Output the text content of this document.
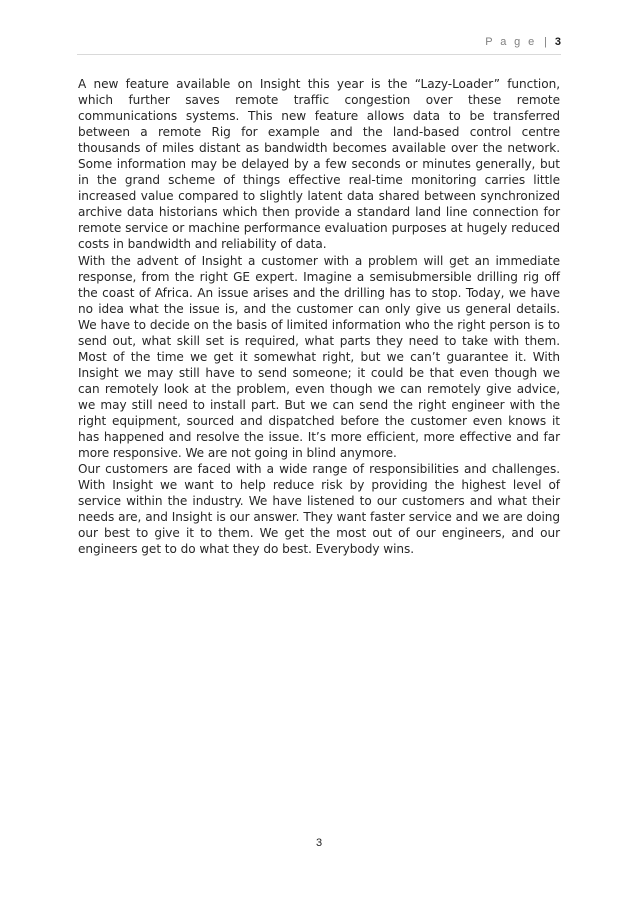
P a g e | 3

A new feature available on Insight this year is the “Lazy-Loader” function, which further saves remote traffic congestion over these remote communications systems. This new feature allows data to be transferred between a remote Rig for example and the land-based control centre thousands of miles distant as bandwidth becomes available over the network. Some information may be delayed by a few seconds or minutes generally, but in the grand scheme of things effective real-time monitoring carries little increased value compared to slightly latent data shared between synchronized archive data historians which then provide a standard land line connection for remote service or machine performance evaluation purposes at hugely reduced costs in bandwidth and reliability of data.

With the advent of Insight a customer with a problem will get an immediate response, from the right GE expert. Imagine a semisubmersible drilling rig off the coast of Africa. An issue arises and the drilling has to stop. Today, we have no idea what the issue is, and the customer can only give us general details. We have to decide on the basis of limited information who the right person is to send out, what skill set is required, what parts they need to take with them. Most of the time we get it somewhat right, but we can’t guarantee it. With Insight we may still have to send someone; it could be that even though we can remotely look at the problem, even though we can remotely give advice, we may still need to install part. But we can send the right engineer with the right equipment, sourced and dispatched before the customer even knows it has happened and resolve the issue. It’s more efficient, more effective and far more responsive. We are not going in blind anymore.

Our customers are faced with a wide range of responsibilities and challenges. With Insight we want to help reduce risk by providing the highest level of service within the industry. We have listened to our customers and what their needs are, and Insight is our answer. They want faster service and we are doing our best to give it to them. We get the most out of our engineers, and our engineers get to do what they do best. Everybody wins.

3
